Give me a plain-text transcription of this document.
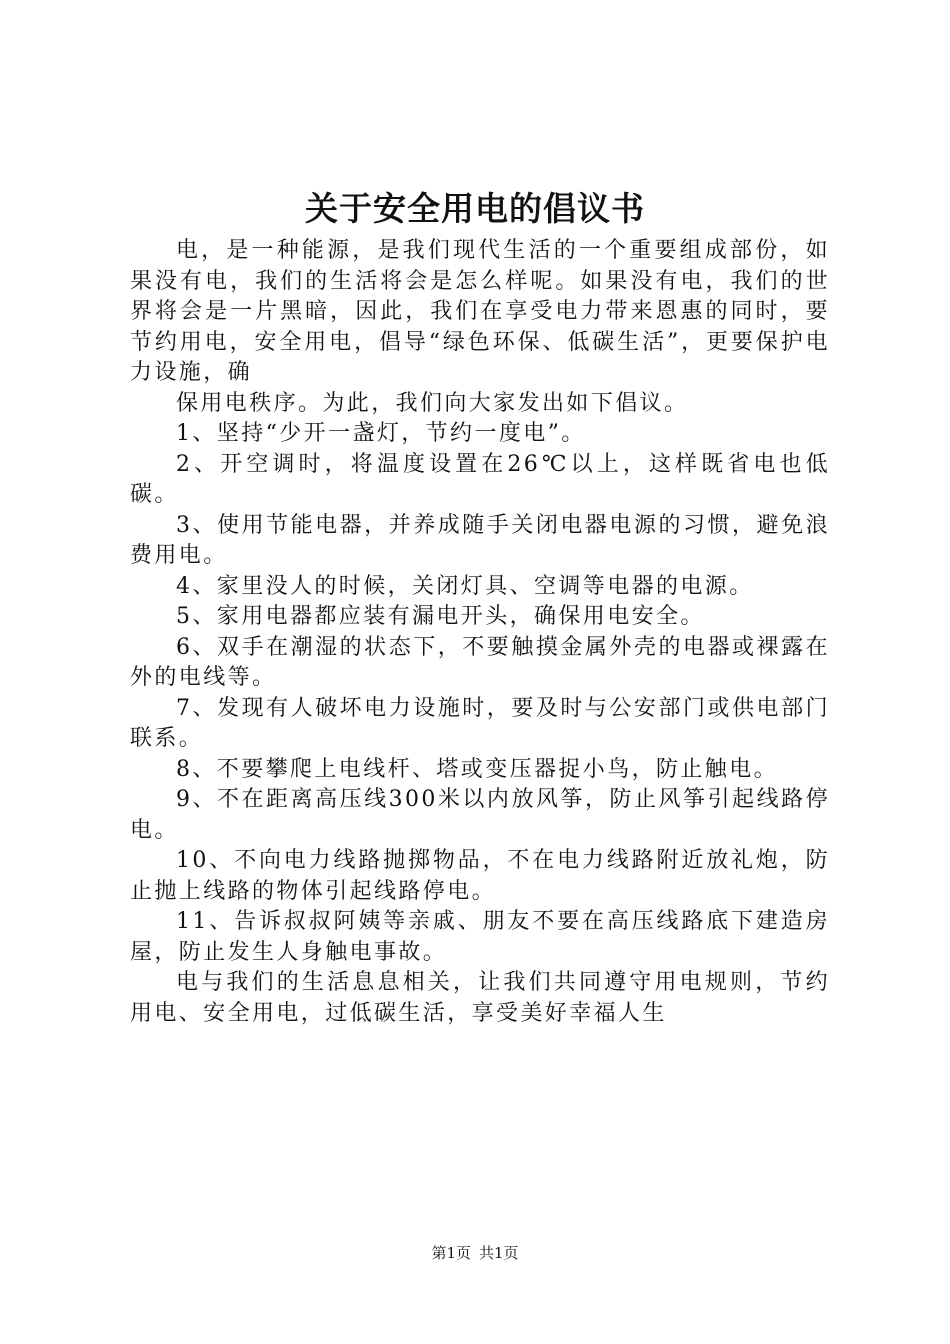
关于安全用电的倡议书

电，是一种能源，是我们现代生活的一个重要组成部份，如果没有电，我们的生活将会是怎么样呢。如果没有电，我们的世界将会是一片黑暗，因此，我们在享受电力带来恩惠的同时，要节约用电，安全用电，倡导“绿色环保、低碳生活”，更要保护电力设施，确

保用电秩序。为此，我们向大家发出如下倡议。

1、坚持“少开一盏灯，节约一度电”。

2、开空调时，将温度设置在26℃以上，这样既省电也低碳。

3、使用节能电器，并养成随手关闭电器电源的习惯，避免浪费用电。

4、家里没人的时候，关闭灯具、空调等电器的电源。

5、家用电器都应装有漏电开头，确保用电安全。

6、双手在潮湿的状态下，不要触摸金属外壳的电器或裸露在外的电线等。

7、发现有人破坏电力设施时，要及时与公安部门或供电部门联系。

8、不要攀爬上电线杆、塔或变压器捉小鸟，防止触电。

9、不在距离高压线300米以内放风筝，防止风筝引起线路停电。

10、不向电力线路抛掷物品，不在电力线路附近放礼炮，防止抛上线路的物体引起线路停电。

11、告诉叔叔阿姨等亲戚、朋友不要在高压线路底下建造房屋，防止发生人身触电事故。

电与我们的生活息息相关，让我们共同遵守用电规则，节约用电、安全用电，过低碳生活，享受美好幸福人生

第1页 共1页
